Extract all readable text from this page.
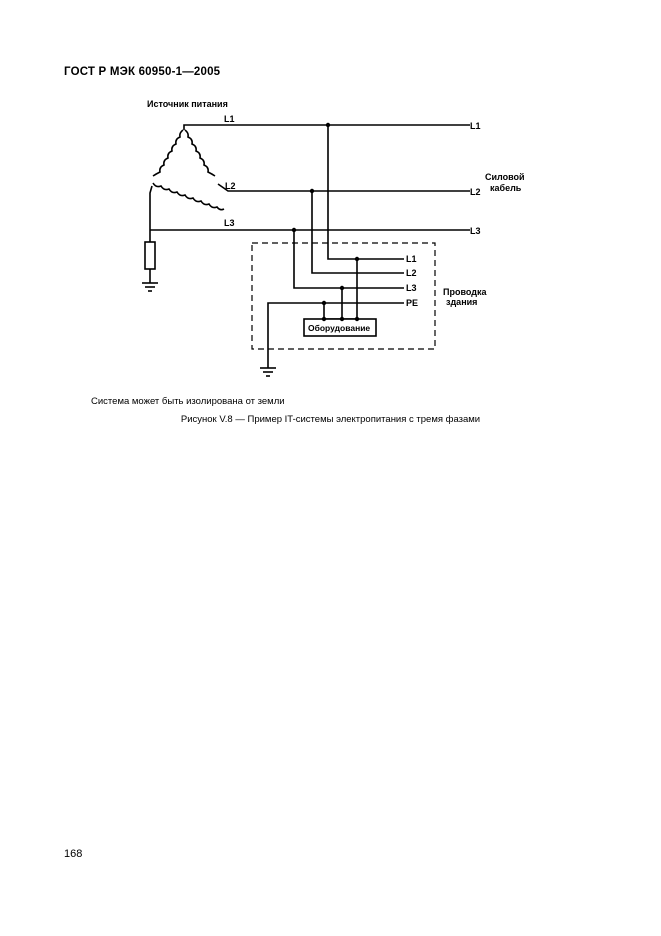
ГОСТ Р МЭК 60950-1—2005
Источник питания
L1
L2
L3
L1
L2
L3
Силовой
кабель
L1
L2
L3
PE
Проводка
здания
Оборудование
Система может быть изолирована от земли
Рисунок V.8 — Пример IT-системы электропитания с тремя фазами
168
